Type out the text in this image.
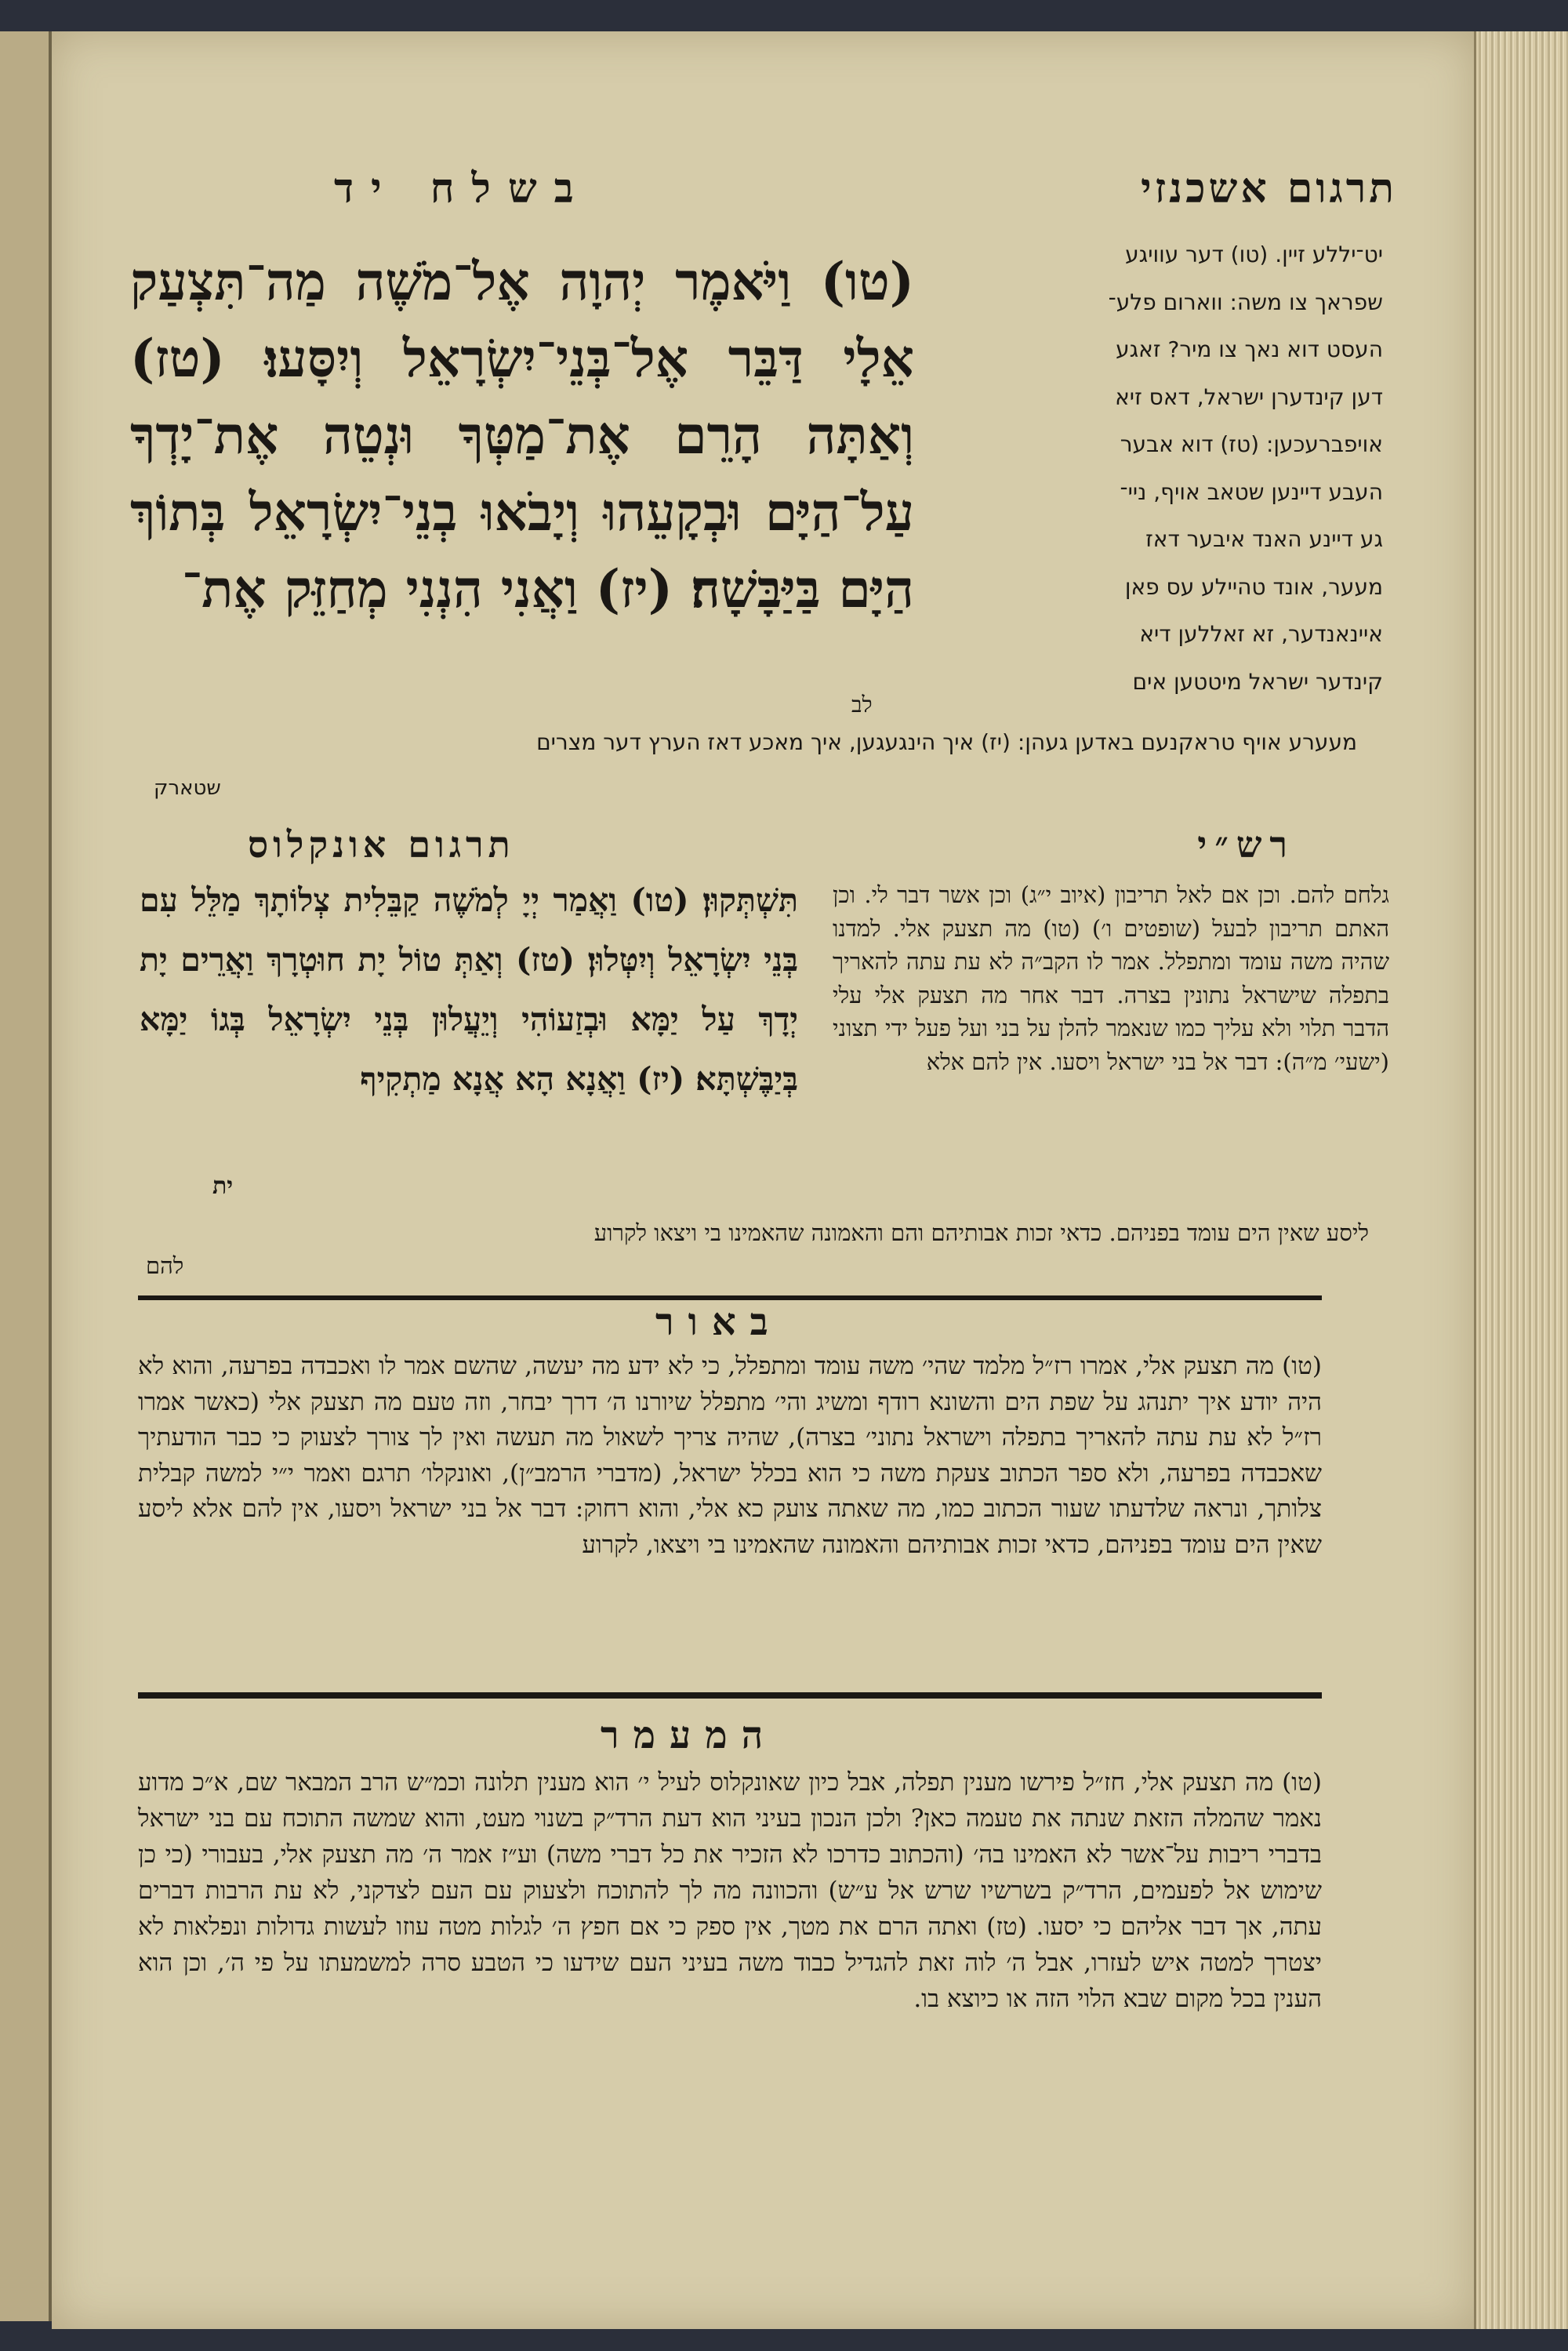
תרגום אשכנזי
בשלח יד
יט־יללע זיין. (טו) דער עוויגע
שפראך צו משה: ווארום פלע־
העסט דוא נאך צו מיר? זאגע
דען קינדערן ישראל, דאס זיא
אויפברעכען: (טז) דוא אבער
העבע דיינען שטאב אויף, ניי־
גע דיינע האנד איבער דאז
מעער, אונד טהיילע עס פאן
איינאנדער, זא זאללען דיא
קינדער ישראל מיטטען אים
(טו) וַיֹּאמֶר יְהוָה אֶל־מֹשֶׁה מַה־תִּצְעַק אֵלָי דַּבֵּר אֶל־בְּנֵי־יִשְׂרָאֵל וְיִסָּעוּ׃ (טז) וְאַתָּה הָרֵם אֶת־מַטְּךָ וּנְטֵה אֶת־יָדְךָ עַל־הַיָּם וּבְקָעֵהוּ וְיָבֹאוּ בְנֵי־יִשְׂרָאֵל בְּתוֹךְ הַיָּם בַּיַּבָּשָׁה׃ (יז) וַאֲנִי הִנְנִי מְחַזֵּק אֶת־
לב
מעערע אויף טראקנעם באדען געהן: (יז) איך הינגעגען, איך מאכע דאז הערץ דער מצרים
שטארק
רש״י
תרגום אונקלוס
גלחם להם. וכן אם לאל תריבון (איוב י״ג) וכן אשר דבר לי. וכן האתם תריבון לבעל (שופטים ו׳) (טו) מה תצעק אלי. למדנו שהיה משה עומד ומתפלל. אמר לו הקב״ה לא עת עתה להאריך בתפלה שישראל נתונין בצרה. דבר אחר מה תצעק אלי עלי הדבר תלוי ולא עליך כמו שנאמר להלן על בני ועל פעל ידי תצוני (ישעי׳ מ״ה): דבר אל בני ישראל ויסעו. אין להם אלא
תִּשְׁתְּקוּן׃ (טו) וַאֲמַר יְיָ לְמֹשֶׁה קַבֵּלִית צְלוֹתָךְ מַלֵּל עִם בְּנֵי יִשְׂרָאֵל וְיִטְּלוּן׃ (טז) וְאַתְּ טוֹל יָת חוּטְרָךְ וַאֲרֵים יָת יְדָךְ עַל יַמָּא וּבְזַעוֹהִי וְיֵעֲלוּן בְּנֵי יִשְׂרָאֵל בְּגוֹ יַמָּא בְּיַבֶּשְׁתָּא׃ (יז) וַאֲנָא הָא אֲנָא מַתְקִיף
ית
ליסע שאין הים עומד בפניהם. כדאי זכות אבותיהם והם והאמונה שהאמינו בי ויצאו לקרוע
להם
באור
(טו) מה תצעק אלי, אמרו רז״ל מלמד שהי׳ משה עומד ומתפלל, כי לא ידע מה יעשה, שהשם אמר לו ואכבדה בפרעה, והוא לא היה יודע איך יתנהג על שפת הים והשונא רודף ומשיג והי׳ מתפלל שיורנו ה׳ דרך יבחר, וזה טעם מה תצעק אלי (כאשר אמרו רז״ל לא עת עתה להאריך בתפלה וישראל נתוני׳ בצרה), שהיה צריך לשאול מה תעשה ואין לך צורך לצעוק כי כבר הודעתיך שאכבדה בפרעה, ולא ספר הכתוב צעקת משה כי הוא בכלל ישראל, (מדברי הרמב״ן), ואונקלו׳ תרגם ואמר י״י למשה קבלית צלותך, ונראה שלדעתו שעור הכתוב כמו, מה שאתה צועק כא אלי, והוא רחוק: דבר אל בני ישראל ויסעו, אין להם אלא ליסע שאין הים עומד בפניהם, כדאי זכות אבותיהם והאמונה שהאמינו בי ויצאו, לקרוע
המעמר
(טו) מה תצעק אלי, חז״ל פירשו מענין תפלה, אבל כיון שאונקלוס לעיל י׳ הוא מענין תלונה וכמ״ש הרב המבאר שם, א״כ מדוע נאמר שהמלה הזאת שנתה את טעמה כאן? ולכן הנכון בעיני הוא דעת הרד״ק בשנוי מעט, והוא שמשה התוכח עם בני ישראל בדברי ריבות על־אשר לא האמינו בה׳ (והכתוב כדרכו לא הזכיר את כל דברי משה) וע״ז אמר ה׳ מה תצעק אלי, בעבורי (כי כן שימוש אל לפעמים, הרד״ק בשרשיו שרש אל ע״ש) והכוונה מה לך להתוכח ולצעוק עם העם לצדקני, לא עת הרבות דברים עתה, אך דבר אליהם כי יסעו. (טז) ואתה הרם את מטך, אין ספק כי אם חפץ ה׳ לגלות מטה עוזו לעשות גדולות ונפלאות לא יצטרך למטה איש לעזרו, אבל ה׳ לוה זאת להגדיל כבוד משה בעיני העם שידעו כי הטבע סרה למשמעתו על פי ה׳, וכן הוא הענין בכל מקום שבא הלוי הזה או כיוצא בו.
